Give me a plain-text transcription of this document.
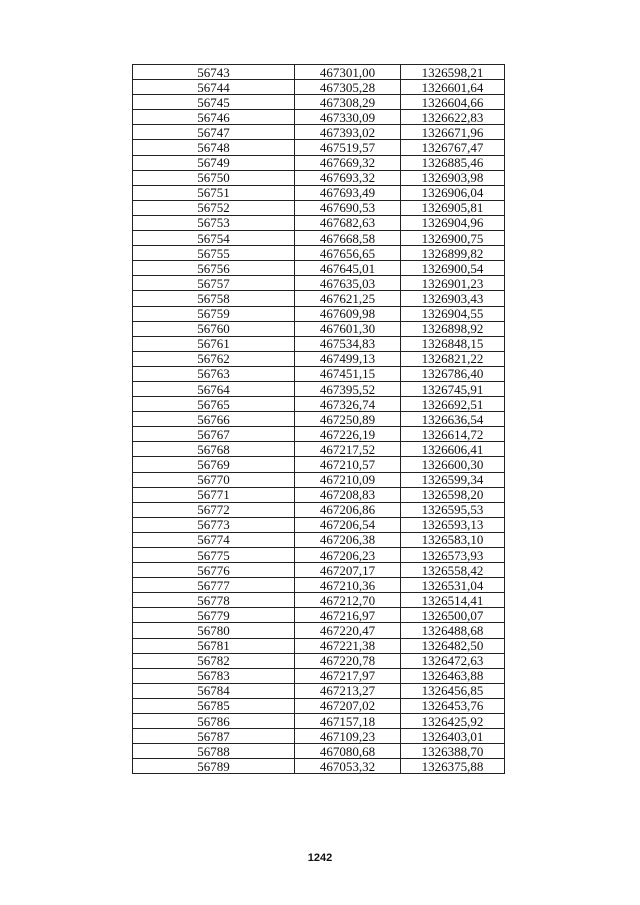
56743	467301,00	1326598,21
56744	467305,28	1326601,64
56745	467308,29	1326604,66
56746	467330,09	1326622,83
56747	467393,02	1326671,96
56748	467519,57	1326767,47
56749	467669,32	1326885,46
56750	467693,32	1326903,98
56751	467693,49	1326906,04
56752	467690,53	1326905,81
56753	467682,63	1326904,96
56754	467668,58	1326900,75
56755	467656,65	1326899,82
56756	467645,01	1326900,54
56757	467635,03	1326901,23
56758	467621,25	1326903,43
56759	467609,98	1326904,55
56760	467601,30	1326898,92
56761	467534,83	1326848,15
56762	467499,13	1326821,22
56763	467451,15	1326786,40
56764	467395,52	1326745,91
56765	467326,74	1326692,51
56766	467250,89	1326636,54
56767	467226,19	1326614,72
56768	467217,52	1326606,41
56769	467210,57	1326600,30
56770	467210,09	1326599,34
56771	467208,83	1326598,20
56772	467206,86	1326595,53
56773	467206,54	1326593,13
56774	467206,38	1326583,10
56775	467206,23	1326573,93
56776	467207,17	1326558,42
56777	467210,36	1326531,04
56778	467212,70	1326514,41
56779	467216,97	1326500,07
56780	467220,47	1326488,68
56781	467221,38	1326482,50
56782	467220,78	1326472,63
56783	467217,97	1326463,88
56784	467213,27	1326456,85
56785	467207,02	1326453,76
56786	467157,18	1326425,92
56787	467109,23	1326403,01
56788	467080,68	1326388,70
56789	467053,32	1326375,88
1242
